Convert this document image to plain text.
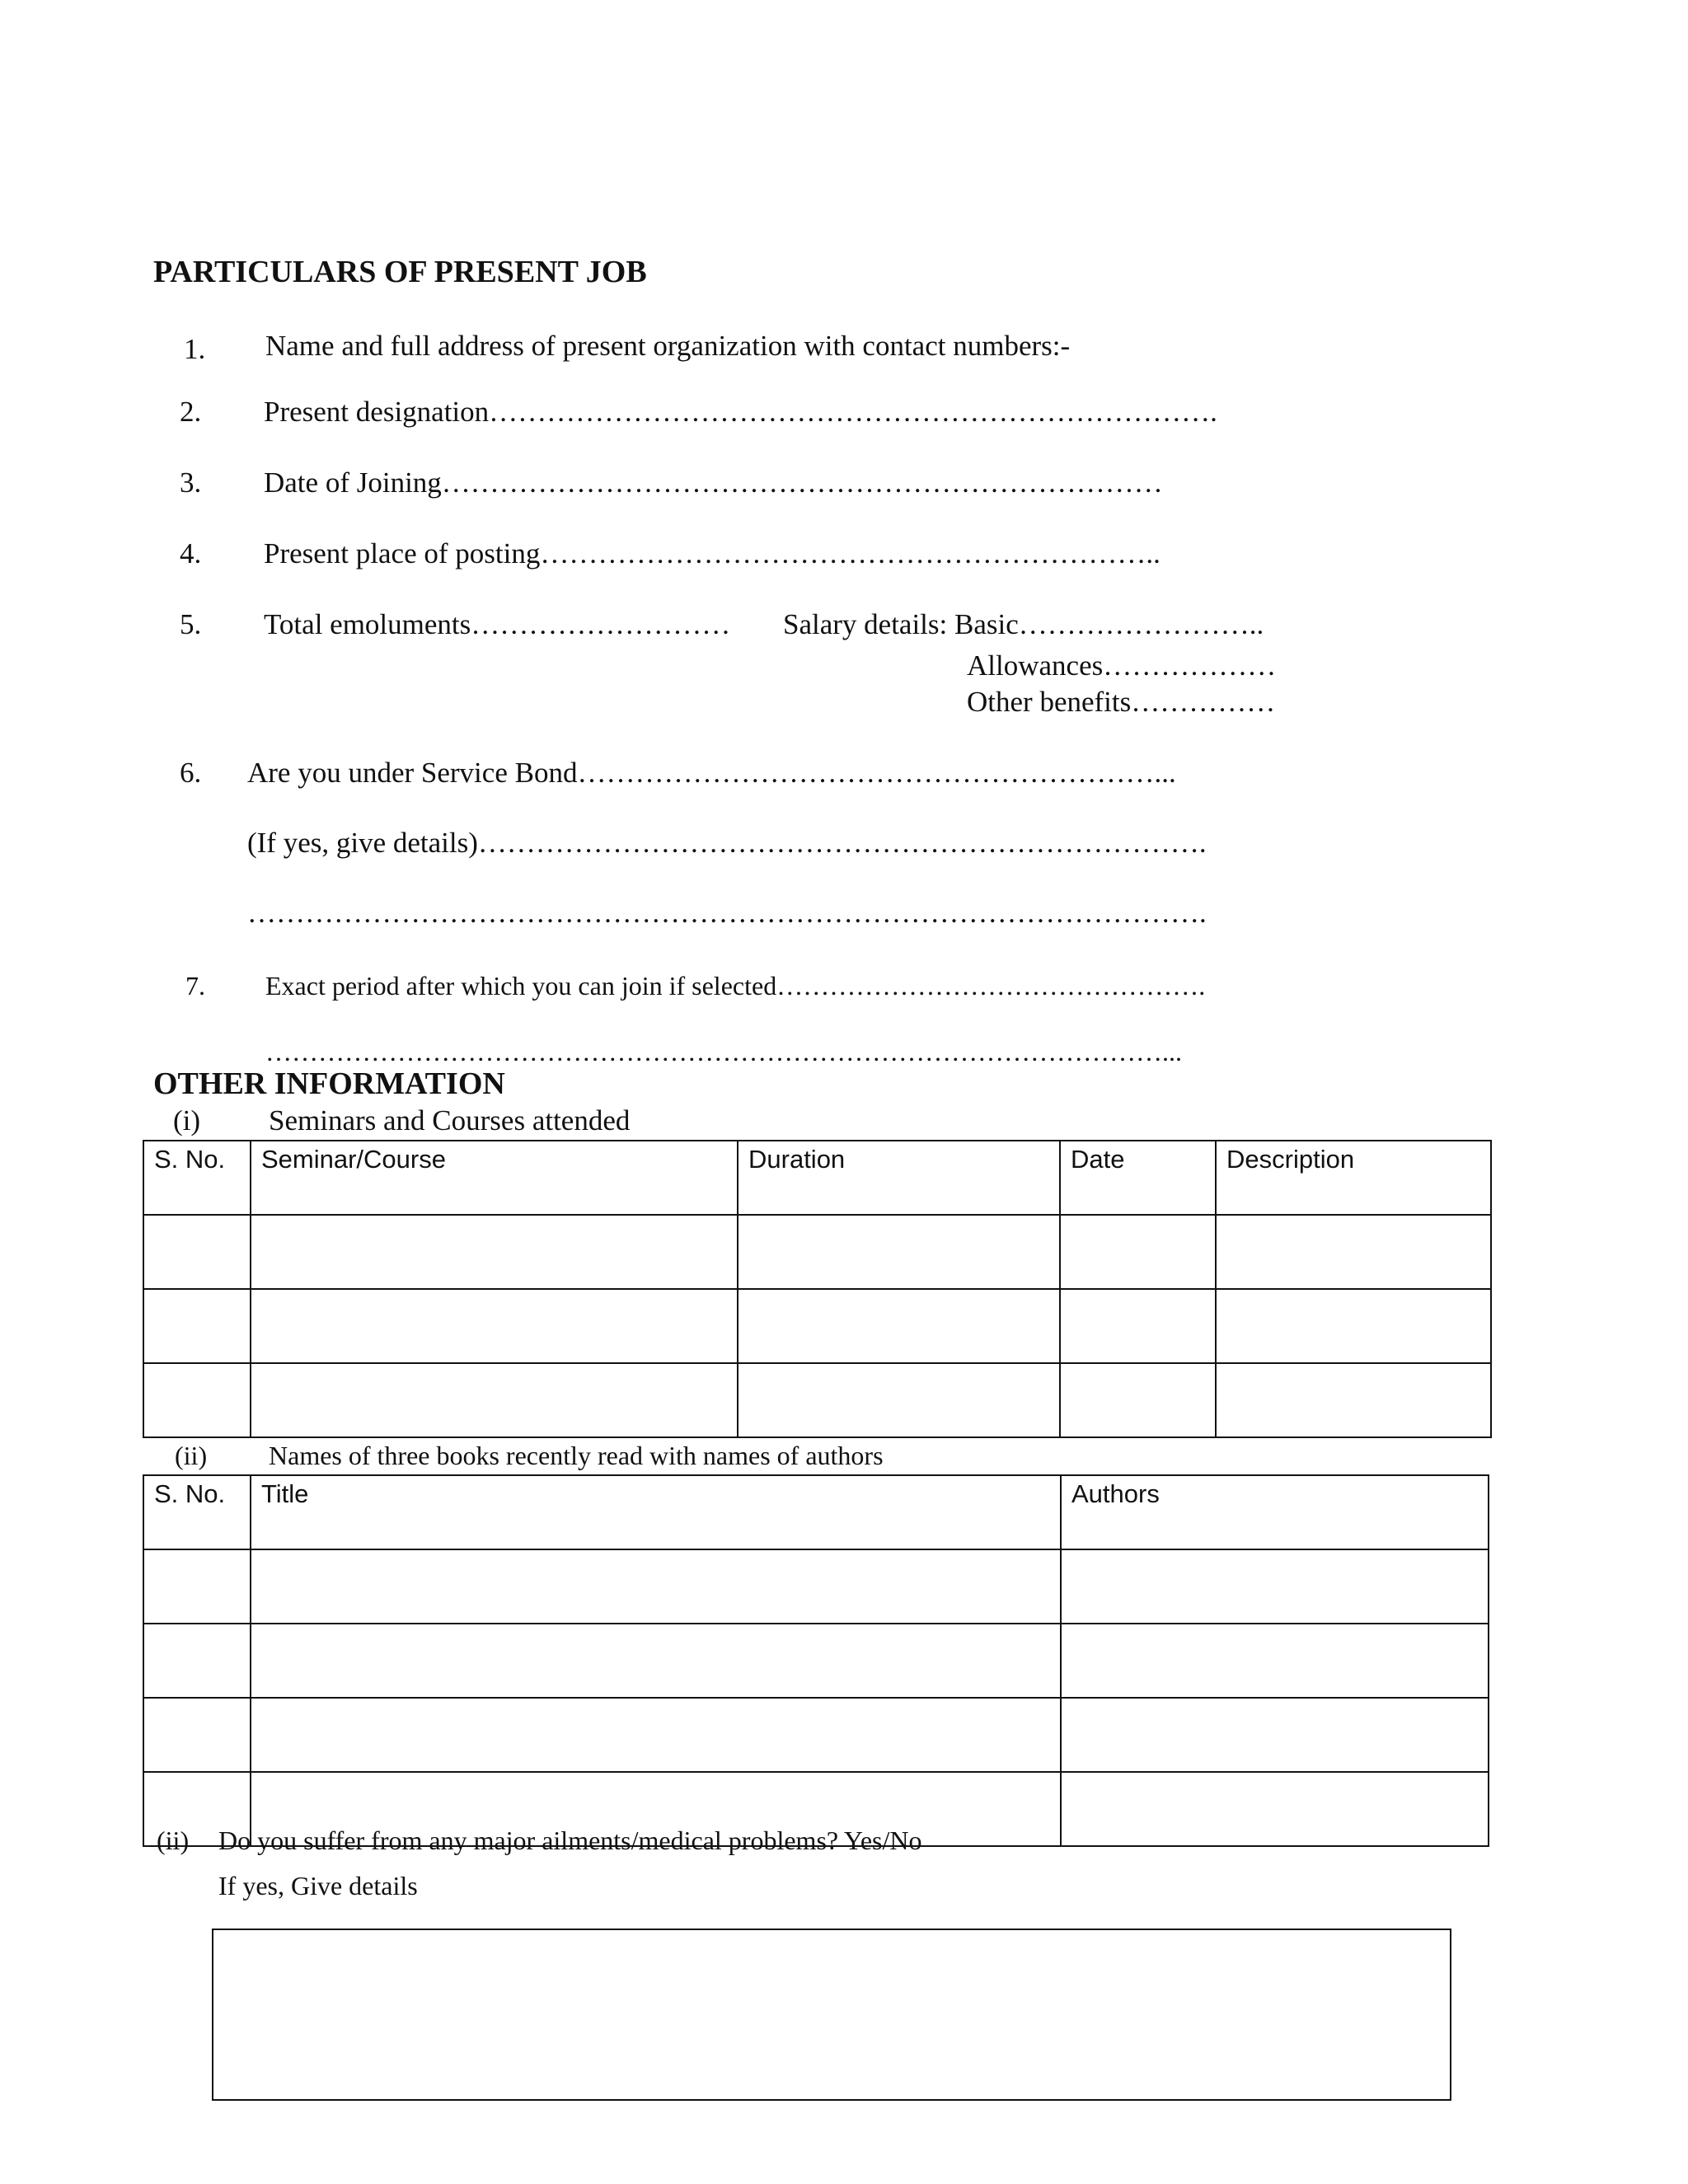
PARTICULARS OF PRESENT JOB
1. Name and full address of present organization with contact numbers:-
2. Present designation………………………………………………………………….
3. Date of Joining…………………………………………………………………
4. Present place of posting………………………………………………………..
5. Total emoluments……………………… Salary details: Basic……………………..
Allowances………………
Other benefits……………
6. Are you under Service Bond……………………………………………………...
(If yes, give details)………………………………………………………………….
……………………………………………………………………………………….
7. Exact period after which you can join if selected………………………………………….
…………………………………………………………………………………………...
OTHER INFORMATION
(i) Seminars and Courses attended
S. No.	Seminar/Course	Duration	Date	Description

(ii) Names of three books recently read with names of authors
S. No.	Title	Authors

(ii) Do you suffer from any major ailments/medical problems? Yes/No
If yes, Give details
